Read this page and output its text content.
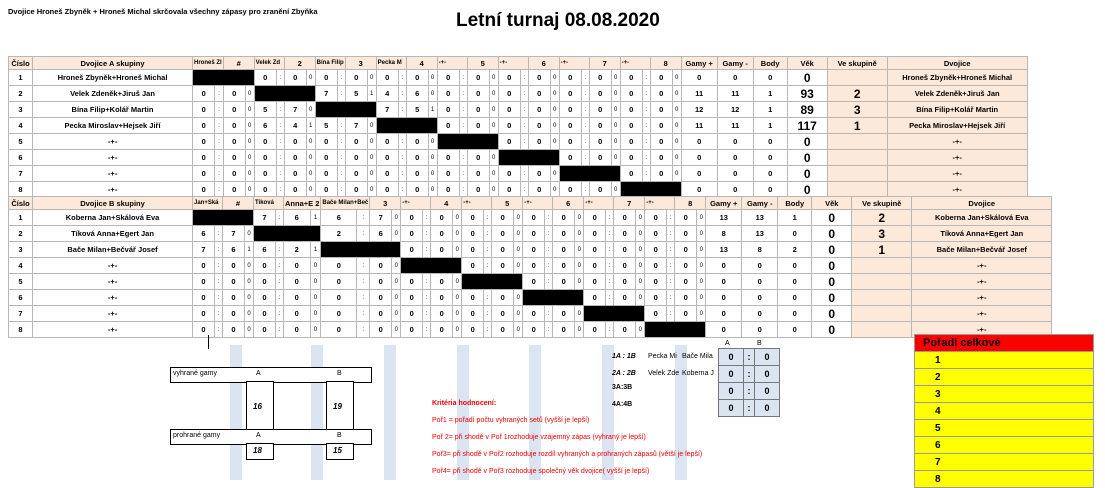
Dvojice Hroneš Zbyněk + Hroneš Michal skrčovala všechny zápasy pro zranění Zbyňka	Letní turnaj 08.08.2020
Číslo	Dvojice A skupiny	Hroneš Zl		#		Velek Zd		2		Bína Filip		3		Pecka M		4		-+-		5		-+-		6		-+-		7		-+-		8		Gamy +	Gamy -	Body	Věk	Ve skupině	Dvojice
1	Hroneš Zbyněk+Hroneš Michal					0	:	0	0	0	:	0	0	0	:	0	0	0	:	0	0	0	:	0	0	0	:	0	0	0	:	0	0	0	0	0	0		Hroneš Zbyněk+Hroneš Michal
2	Velek Zdeněk+Jiruš Jan	0	:	0	0					7	:	5	1	4	:	6	0	0	:	0	0	0	:	0	0	0	:	0	0	0	:	0	0	11	11	1	93	2	Velek Zdeněk+Jiruš Jan
3	Bína Filip+Kolář Martin	0	:	0	0	5	:	7	0					7	:	5	1	0	:	0	0	0	:	0	0	0	:	0	0	0	:	0	0	12	12	1	89	3	Bína Filip+Kolář Martin
4	Pecka Miroslav+Hejsek Jiří	0	:	0	0	6	:	4	1	5	:	7	0					0	:	0	0	0	:	0	0	0	:	0	0	0	:	0	0	11	11	1	117	1	Pecka Miroslav+Hejsek Jiří
5	-+-	0	:	0	0	0	:	0	0	0	:	0	0	0	:	0	0					0	:	0	0	0	:	0	0	0	:	0	0	0	0	0	0		-+-
6	-+-	0	:	0	0	0	:	0	0	0	:	0	0	0	:	0	0	0	:	0	0					0	:	0	0	0	:	0	0	0	0	0	0		-+-
7	-+-	0	:	0	0	0	:	0	0	0	:	0	0	0	:	0	0	0	:	0	0	0	:	0	0					0	:	0	0	0	0	0	0		-+-
8	-+-	0	:	0	0	0	:	0	0	0	:	0	0	0	:	0	0	0	:	0	0	0	:	0	0	0	:	0	0					0	0	0	0		-+-
Číslo	Dvojice B skupiny	Jan+Ská		#		Tiková		Anna+E 2		Bače Milan+Beč		3		-+-		4		-+-		5		-+-		6		-+-		7		-+-		8		Gamy +	Gamy -	Body	Věk	Ve skupině	Dvojice
1	Koberna Jan+Skálová Eva					7	:	6	1	6	:	7	0	0	:	0	0	0	:	0	0	0	:	0	0	0	:	0	0	0	:	0	0	13	13	1	0	2	Koberna Jan+Skálová Eva
2	Tíková Anna+Egert Jan	6	:	7	0					2	:	6	0	0	:	0	0	0	:	0	0	0	:	0	0	0	:	0	0	0	:	0	0	8	13	0	0	3	Tíková Anna+Egert Jan
3	Bače Milan+Bečvář Josef	7	:	6	1	6	:	2	1					0	:	0	0	0	:	0	0	0	:	0	0	0	:	0	0	0	:	0	0	13	8	2	0	1	Bače Milan+Bečvář Josef
4	-+-	0	:	0	0	0	:	0	0	0	:	0	0					0	:	0	0	0	:	0	0	0	:	0	0	0	:	0	0	0	0	0	0		-+-
5	-+-	0	:	0	0	0	:	0	0	0	:	0	0	0	:	0	0					0	:	0	0	0	:	0	0	0	:	0	0	0	0	0	0		-+-
6	-+-	0	:	0	0	0	:	0	0	0	:	0	0	0	:	0	0	0	:	0	0					0	:	0	0	0	:	0	0	0	0	0	0		-+-
7	-+-	0	:	0	0	0	:	0	0	0	:	0	0	0	:	0	0	0	:	0	0	0	:	0	0					0	:	0	0	0	0	0	0		-+-
8	-+-	0	:	0	0	0	:	0	0	0	:	0	0	0	:	0	0	0	:	0	0	0	:	0	0	0	:	0	0					0	0	0	0		-+-
A	B
1A : 1B Pecka Mi Bače Mila
2A : 2B Velek Zde Koberna J
3A:3B
4A:4B
0	:	0
0	:	0
0	:	0
0	:	0
vyhrané gamy	A	B
16	19
prohrané gamy	A	B
18	15
Kritéria hodnocení:
Poř1 = pořadí počtu vyhraných setů (vyšší je lepší)
Poř 2= při shodě v Poř 1rozhoduje vzájemný zápas (vyhraný je lepší)
Poř3= při shodě v Poř2 rozhoduje rozdíl vyhraných a prohraných zápasů (větší je lepší)
Poř4= při shodě v Poř3 rozhoduje společný věk dvojice( vyšší je lepší)
Pořadí celkové
1
2
3
4
5
6
7
8
